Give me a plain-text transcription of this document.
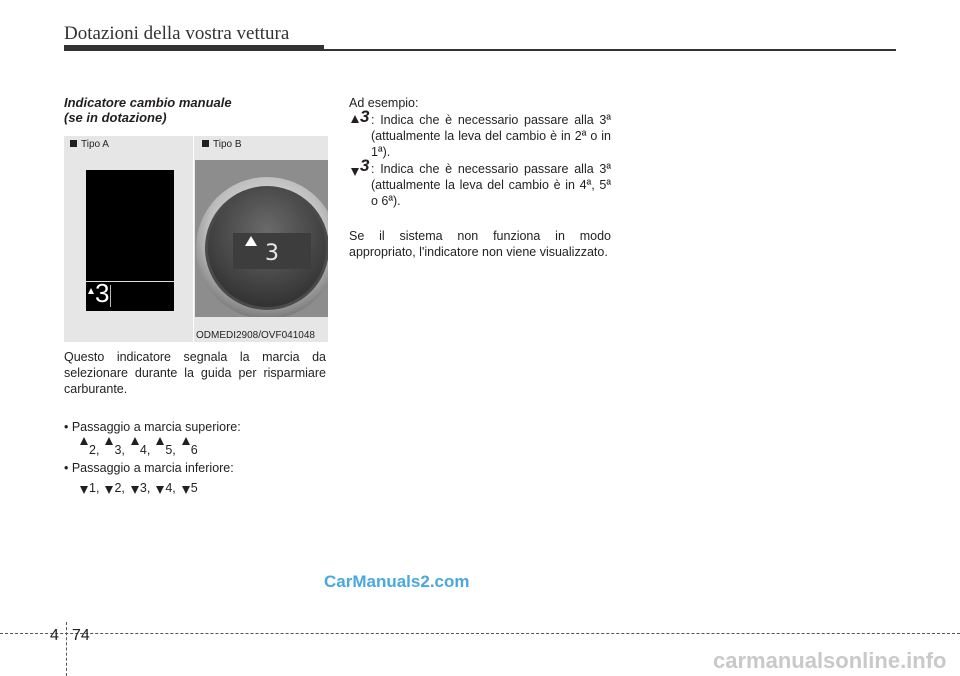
Dotazioni della vostra vettura
Indicatore cambio manuale
(se in dotazione)
Tipo A	Tipo B
3
3
ODMEDI2908/OVF041048
Questo indicatore segnala la marcia da selezionare durante la guida per risparmiare carburante.
• Passaggio a marcia superiore:
2, 3, 4, 5, 6
• Passaggio a marcia inferiore:
1, 2, 3, 4, 5
Ad esempio:
3 : Indica che è necessario passare alla 3ª (attualmente la leva del cambio è in 2ª o in 1ª).
3 : Indica che è necessario passare alla 3ª (attualmente la leva del cambio è in 4ª, 5ª o 6ª).
Se il sistema non funziona in modo appropriato, l'indicatore non viene visualizzato.
CarManuals2.com
carmanualsonline.info
4 74
